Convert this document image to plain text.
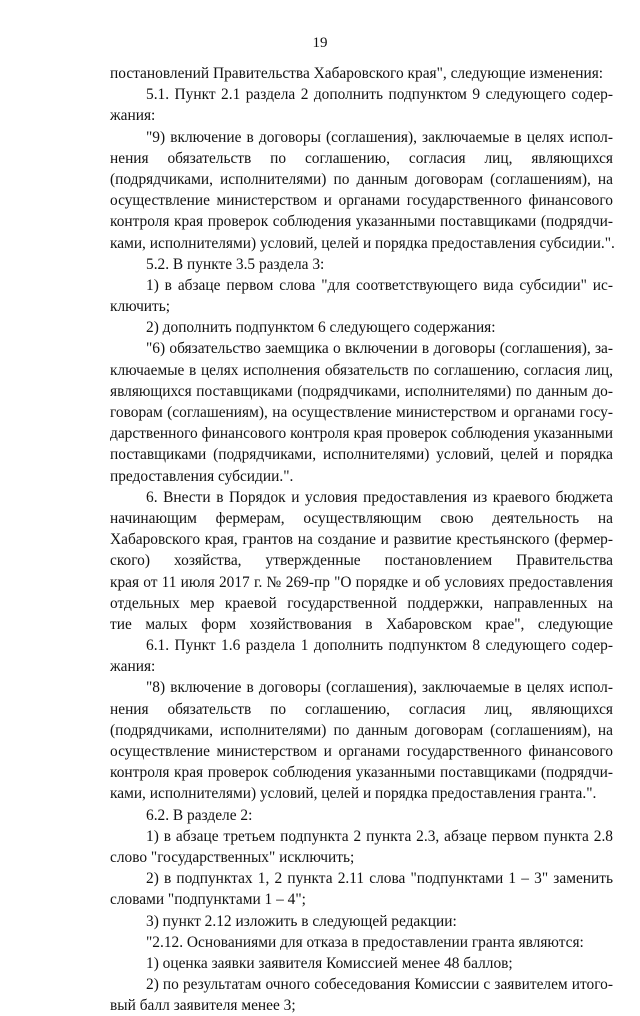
19
постановлений Правительства Хабаровского края", следующие изменения:
5.1. Пункт 2.1 раздела 2 дополнить подпунктом 9 следующего содер-
жания:
"9) включение в договоры (соглашения), заключаемые в целях испол-
нения обязательств по соглашению, согласия лиц, являющихся
(подрядчиками, исполнителями) по данным договорам (соглашениям), на
осуществление министерством и органами государственного финансового
контроля края проверок соблюдения указанными поставщиками (подрядчи-
ками, исполнителями) условий, целей и порядка предоставления субсидии.".
5.2. В пункте 3.5 раздела 3:
1) в абзаце первом слова "для соответствующего вида субсидии" ис-
ключить;
2) дополнить подпунктом 6 следующего содержания:
"6) обязательство заемщика о включении в договоры (соглашения), за-
ключаемые в целях исполнения обязательств по соглашению, согласия лиц,
являющихся поставщиками (подрядчиками, исполнителями) по данным до-
говорам (соглашениям), на осуществление министерством и органами госу-
дарственного финансового контроля края проверок соблюдения указанными
поставщиками (подрядчиками, исполнителями) условий, целей и порядка
предоставления субсидии.".
6. Внести в Порядок и условия предоставления из краевого бюджета
начинающим фермерам, осуществляющим свою деятельность на
Хабаровского края, грантов на создание и развитие крестьянского (фермер-
ского) хозяйства, утвержденные постановлением Правительства
края от 11 июля 2017 г. № 269-пр "О порядке и об условиях предоставления
отдельных мер краевой государственной поддержки, направленных на
тие малых форм хозяйствования в Хабаровском крае", следующие
6.1. Пункт 1.6 раздела 1 дополнить подпунктом 8 следующего содер-
жания:
"8) включение в договоры (соглашения), заключаемые в целях испол-
нения обязательств по соглашению, согласия лиц, являющихся
(подрядчиками, исполнителями) по данным договорам (соглашениям), на
осуществление министерством и органами государственного финансового
контроля края проверок соблюдения указанными поставщиками (подрядчи-
ками, исполнителями) условий, целей и порядка предоставления гранта.".
6.2. В разделе 2:
1) в абзаце третьем подпункта 2 пункта 2.3, абзаце первом пункта 2.8
слово "государственных" исключить;
2) в подпунктах 1, 2 пункта 2.11 слова "подпунктами 1 – 3" заменить
словами "подпунктами 1 – 4";
3) пункт 2.12 изложить в следующей редакции:
"2.12. Основаниями для отказа в предоставлении гранта являются:
1) оценка заявки заявителя Комиссией менее 48 баллов;
2) по результатам очного собеседования Комиссии с заявителем итого-
вый балл заявителя менее 3;
